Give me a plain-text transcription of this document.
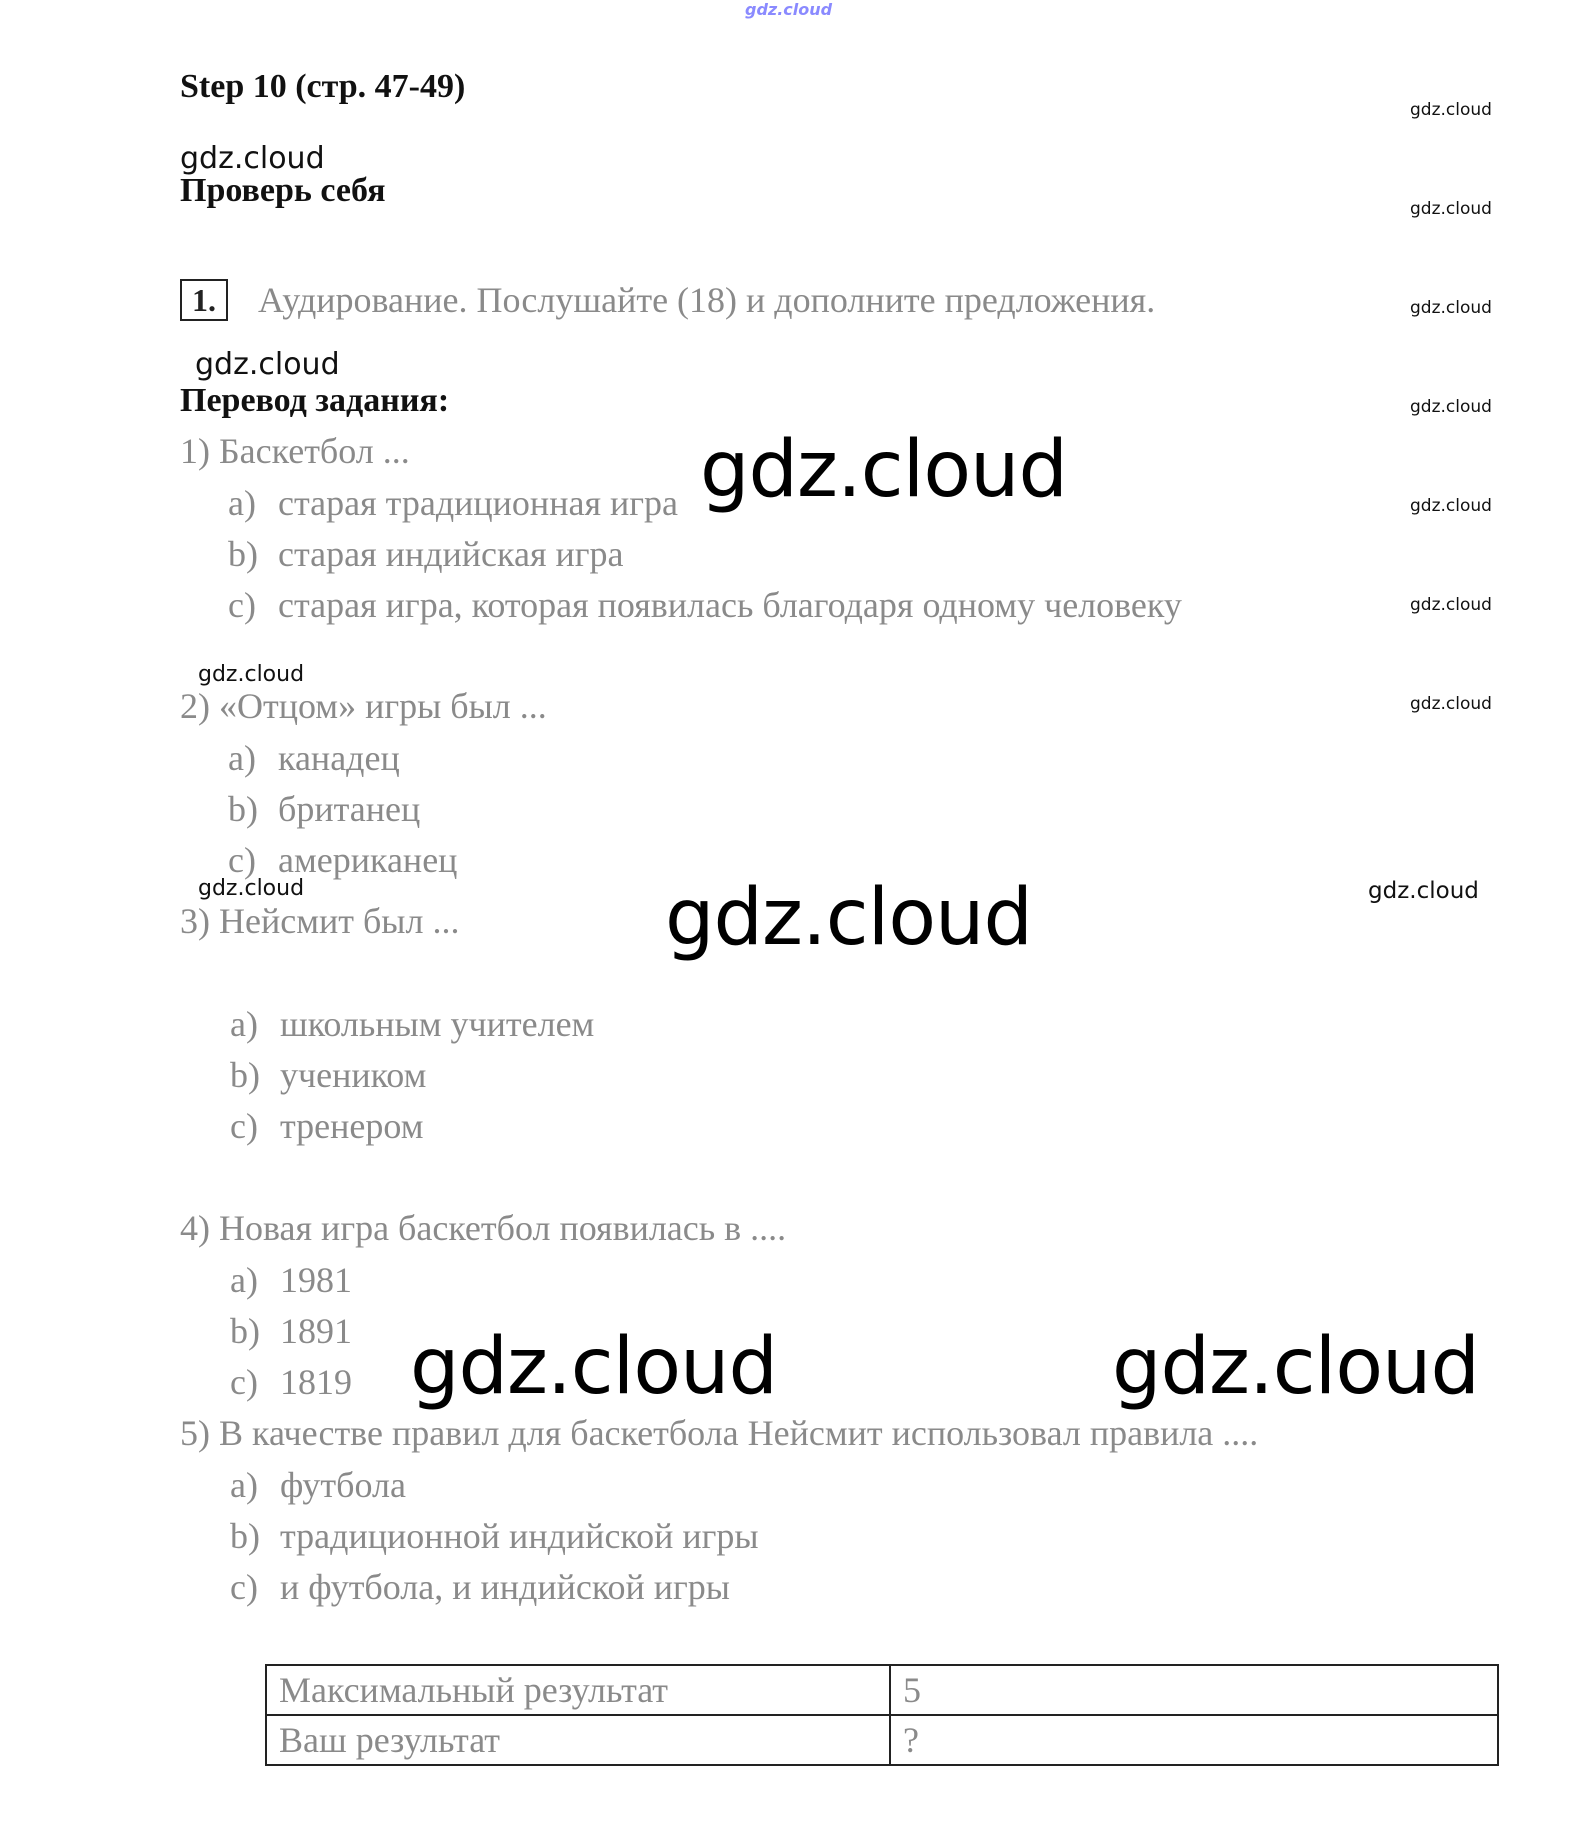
gdz.cloud
gdz.cloud
gdz.cloud
gdz.cloud
gdz.cloud
gdz.cloud
gdz.cloud
gdz.cloud
gdz.cloud
gdz.cloud
gdz.cloud
gdz.cloud
gdz.cloud
gdz.cloud
gdz.cloud
gdz.cloud	gdz.cloud
Step 10 (стр. 47-49)
Проверь себя
1.	Аудирование. Послушайте (18) и дополните предложения.
Перевод задания:
1) Баскетбол ...
a) старая традиционная игра
b) старая индийская игра
c) старая игра, которая появилась благодаря одному человеку
2) «Отцом» игры был ...
a) канадец
b) британец
c) американец
3) Нейсмит был ...
a) школьным учителем
b) учеником
c) тренером
4) Новая игра баскетбол появилась в ....
a) 1981
b) 1891
c) 1819
5) В качестве правил для баскетбола Нейсмит использовал правила ....
a) футбола
b) традиционной индийской игры
c) и футбола, и индийской игры
Максимальный результат	5
Ваш результат	?
